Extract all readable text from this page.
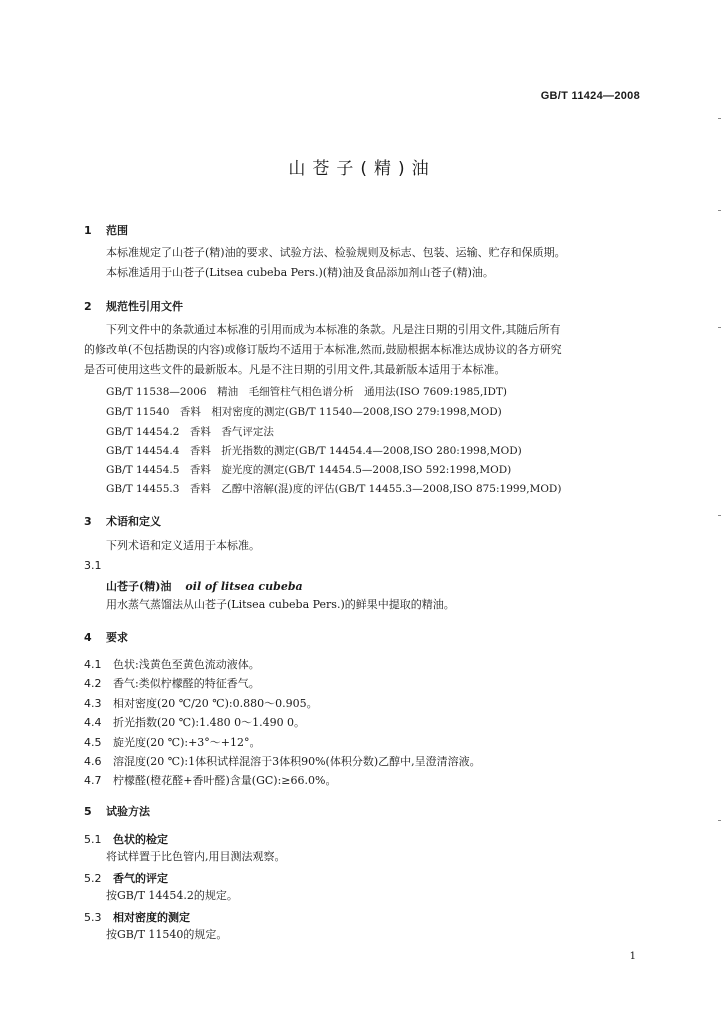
GB/T 11424—2008
山苍子(精)油
1 范围
本标准规定了山苍子(精)油的要求、试验方法、检验规则及标志、包装、运输、贮存和保质期。
本标准适用于山苍子(Litsea cubeba Pers.)(精)油及食品添加剂山苍子(精)油。
2 规范性引用文件
下列文件中的条款通过本标准的引用而成为本标准的条款。凡是注日期的引用文件,其随后所有
的修改单(不包括勘误的内容)或修订版均不适用于本标准,然而,鼓励根据本标准达成协议的各方研究
是否可使用这些文件的最新版本。凡是不注日期的引用文件,其最新版本适用于本标准。
GB/T 11538—2006　精油　毛细管柱气相色谱分析　通用法(ISO 7609:1985,IDT)
GB/T 11540　香料　相对密度的测定(GB/T 11540—2008,ISO 279:1998,MOD)
GB/T 14454.2　香料　香气评定法
GB/T 14454.4　香料　折光指数的测定(GB/T 14454.4—2008,ISO 280:1998,MOD)
GB/T 14454.5　香料　旋光度的测定(GB/T 14454.5—2008,ISO 592:1998,MOD)
GB/T 14455.3　香料　乙醇中溶解(混)度的评估(GB/T 14455.3—2008,ISO 875:1999,MOD)
3 术语和定义
下列术语和定义适用于本标准。
3.1
山苍子(精)油 oil of litsea cubeba
用水蒸气蒸馏法从山苍子(Litsea cubeba Pers.)的鲜果中提取的精油。
4 要求
4.1 色状:浅黄色至黄色流动液体。
4.2 香气:类似柠檬醛的特征香气。
4.3 相对密度(20 ℃/20 ℃):0.880～0.905。
4.4 折光指数(20 ℃):1.480 0～1.490 0。
4.5 旋光度(20 ℃):+3°～+12°。
4.6 溶混度(20 ℃):1体积试样混溶于3体积90%(体积分数)乙醇中,呈澄清溶液。
4.7 柠檬醛(橙花醛+香叶醛)含量(GC):≥66.0%。
5 试验方法
5.1 色状的检定
将试样置于比色管内,用目测法观察。
5.2 香气的评定
按GB/T 14454.2的规定。
5.3 相对密度的测定
按GB/T 11540的规定。
1
